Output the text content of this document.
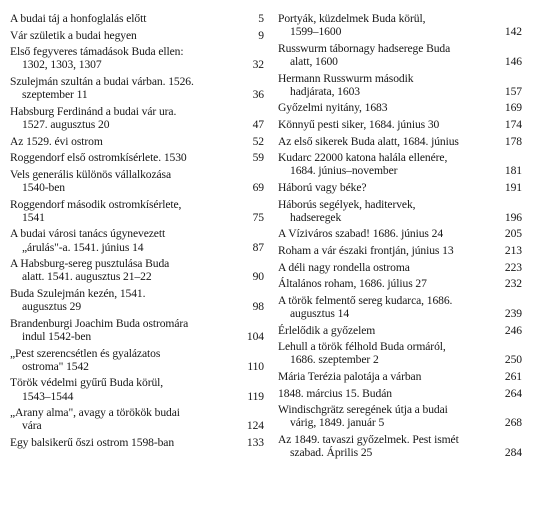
A budai táj a honfoglalás előtt	5
Vár születik a budai hegyen	9
Első fegyveres támadások Buda ellen:
1302, 1303, 1307	32
Szulejmán szultán a budai várban. 1526.
szeptember 11	36
Habsburg Ferdinánd a budai vár ura.
1527. augusztus 20	47
Az 1529. évi ostrom	52
Roggendorf első ostromkísérlete. 1530	59
Vels generális különös vállalkozása
1540-ben	69
Roggendorf második ostromkísérlete,
1541	75
A budai városi tanács úgynevezett
„árulás"-a. 1541. június 14	87
A Habsburg-sereg pusztulása Buda
alatt. 1541. augusztus 21–22	90
Buda Szulejmán kezén, 1541.
augusztus 29	98
Brandenburgi Joachim Buda ostromára
indul 1542-ben	104
„Pest szerencsétlen és gyalázatos
ostroma" 1542	110
Török védelmi gyűrű Buda körül,
1543–1544	119
„Arany alma", avagy a törökök budai
vára	124
Egy balsikerű őszi ostrom 1598-ban	133
Portyák, küzdelmek Buda körül,
1599–1600	142
Russwurm tábornagy hadserege Buda
alatt, 1600	146
Hermann Russwurm második
hadjárata, 1603	157
Győzelmi nyitány, 1683	169
Könnyű pesti siker, 1684. június 30	174
Az első sikerek Buda alatt, 1684. június	178
Kudarc 22000 katona halála ellenére,
1684. június–november	181
Háború vagy béke?	191
Háborús segélyek, haditervek,
hadseregek	196
A Víziváros szabad! 1686. június 24	205
Roham a vár északi frontján, június 13	213
A déli nagy rondella ostroma	223
Általános roham, 1686. július 27	232
A török felmentő sereg kudarca, 1686.
augusztus 14	239
Érlelődik a győzelem	246
Lehull a török félhold Buda ormáról,
1686. szeptember 2	250
Mária Terézia palotája a várban	261
1848. március 15. Budán	264
Windischgrätz seregének útja a budai
várig, 1849. január 5	268
Az 1849. tavaszi győzelmek. Pest ismét
szabad. Április 25	284
